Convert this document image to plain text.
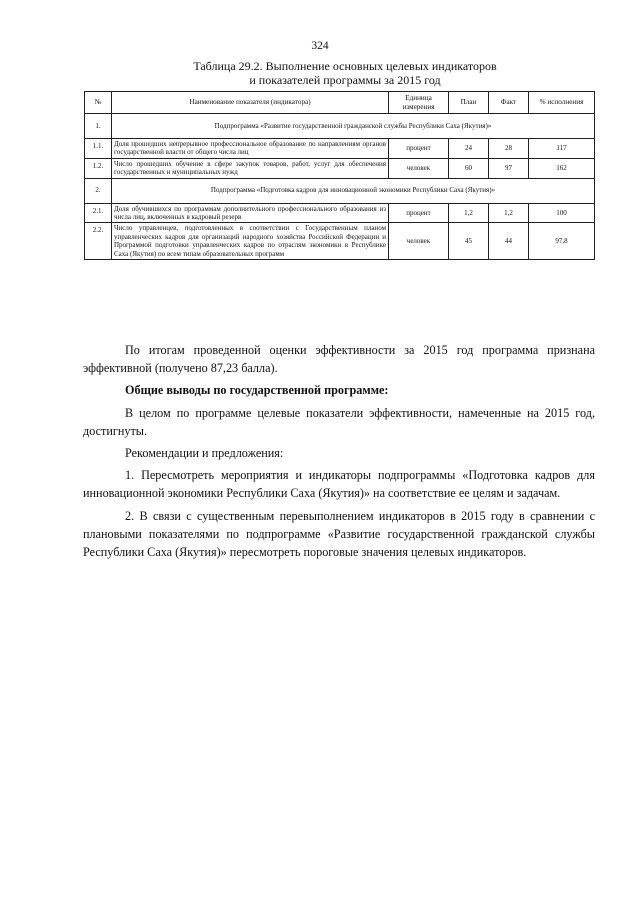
324
Таблица 29.2. Выполнение основных целевых индикаторов
и показателей программы за 2015 год
№	Наименование показателя (индикатора)	Единица измерения	План	Факт	% исполнения
1.	Подпрограмма «Развитие государственной гражданской службы Республики Саха (Якутия)»				
1.1.	Доля прошедших непрерывное профессиональное образование по направлениям органов государственной власти от общего числа лиц	процент	24	28	117
1.2.	Число прошедших обучение в сфере закупок товаров, работ, услуг для обеспечения государственных и муниципальных нужд	человек	60	97	162
2.	Подпрограмма «Подготовка кадров для инновационной экономики Республики Саха (Якутия)»				
2.1.	Доля обучившихся по программам дополнительного профессионального образования из числа лиц, включенных в кадровый резерв	процент	1,2	1,2	100
2.2.	Число управленцев, подготовленных в соответствии с Государственным планом управленческих кадров для организаций народного хозяйства Российской Федерации и Программой подготовки управленческих кадров по отраслям экономики в Республике Саха (Якутия) по всем типам образовательных программ	человек	45	44	97,8

По итогам проведенной оценки эффективности за 2015 год программа признана эффективной (получено 87,23 балла).

Общие выводы по государственной программе:

В целом по программе целевые показатели эффективности, намеченные на 2015 год, достигнуты.

Рекомендации и предложения:

1. Пересмотреть мероприятия и индикаторы подпрограммы «Подготовка кадров для инновационной экономики Республики Саха (Якутия)» на соответствие ее целям и задачам.

2. В связи с существенным перевыполнением индикаторов в 2015 году в сравнении с плановыми показателями по подпрограмме «Развитие государственной гражданской службы Республики Саха (Якутия)» пересмотреть пороговые значения целевых индикаторов.
